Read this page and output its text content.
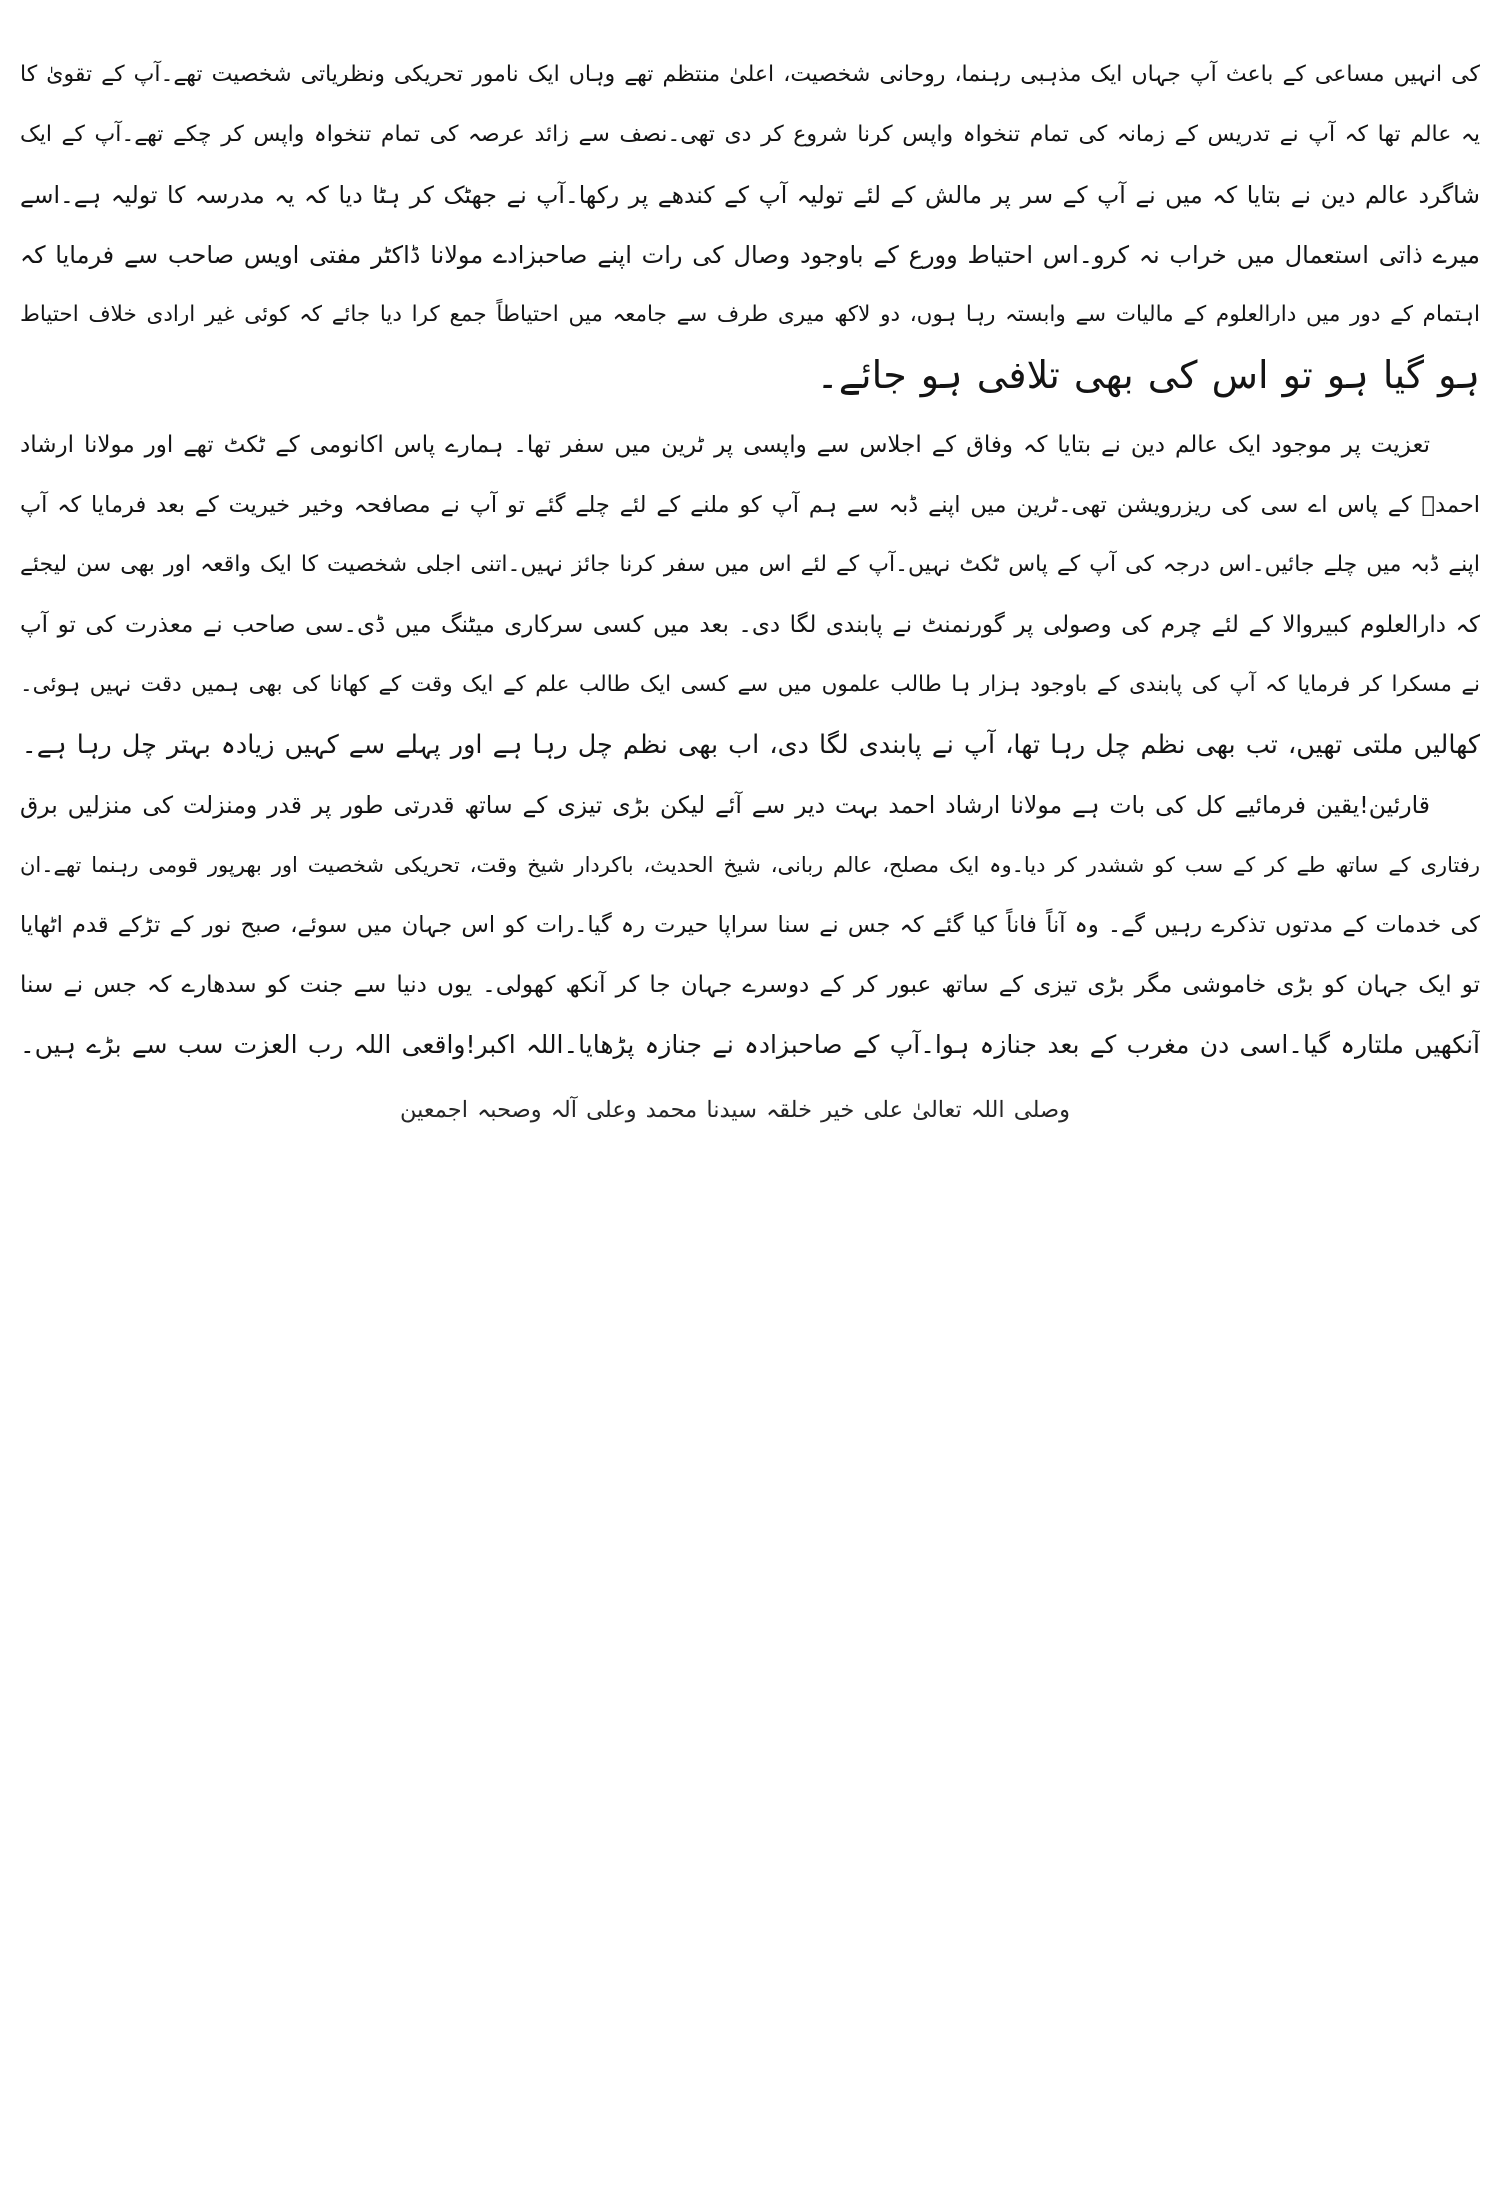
کی انہیں مساعی کے باعث آپ جہاں ایک مذہبی رہنما، روحانی شخصیت، اعلیٰ منتظم تھے وہاں ایک نامور تحریکی ونظریاتی شخصیت تھے۔آپ کے تقویٰ کا
یہ عالم تھا کہ آپ نے تدریس کے زمانہ کی تمام تنخواہ واپس کرنا شروع کر دی تھی۔نصف سے زائد عرصہ کی تمام تنخواہ واپس کر چکے تھے۔آپ کے ایک
شاگرد عالم دین نے بتایا کہ میں نے آپ کے سر پر مالش کے لئے تولیہ آپ کے کندھے پر رکھا۔آپ نے جھٹک کر ہٹا دیا کہ یہ مدرسہ کا تولیہ ہے۔اسے
میرے ذاتی استعمال میں خراب نہ کرو۔اس احتیاط وورع کے باوجود وصال کی رات اپنے صاحبزادے مولانا ڈاکٹر مفتی اویس صاحب سے فرمایا کہ
اہتمام کے دور میں دارالعلوم کے مالیات سے وابستہ رہا ہوں، دو لاکھ میری طرف سے جامعہ میں احتیاطاً جمع کرا دیا جائے کہ کوئی غیر ارادی خلاف احتیاط
ہو گیا ہو تو اس کی بھی تلافی ہو جائے۔
تعزیت پر موجود ایک عالم دین نے بتایا کہ وفاق کے اجلاس سے واپسی پر ٹرین میں سفر تھا۔ ہمارے پاس اکانومی کے ٹکٹ تھے اور مولانا ارشاد
احمدؒ کے پاس اے سی کی ریزرویشن تھی۔ٹرین میں اپنے ڈبہ سے ہم آپ کو ملنے کے لئے چلے گئے تو آپ نے مصافحہ وخیر خیریت کے بعد فرمایا کہ آپ
اپنے ڈبہ میں چلے جائیں۔اس درجہ کی آپ کے پاس ٹکٹ نہیں۔آپ کے لئے اس میں سفر کرنا جائز نہیں۔اتنی اجلی شخصیت کا ایک واقعہ اور بھی سن لیجئے
کہ دارالعلوم کبیروالا کے لئے چرم کی وصولی پر گورنمنٹ نے پابندی لگا دی۔ بعد میں کسی سرکاری میٹنگ میں ڈی۔سی صاحب نے معذرت کی تو آپ
نے مسکرا کر فرمایا کہ آپ کی پابندی کے باوجود ہزار ہا طالب علموں میں سے کسی ایک طالب علم کے ایک وقت کے کھانا کی بھی ہمیں دقت نہیں ہوئی۔
کھالیں ملتی تھیں، تب بھی نظم چل رہا تھا، آپ نے پابندی لگا دی، اب بھی نظم چل رہا ہے اور پہلے سے کہیں زیادہ بہتر چل رہا ہے۔
قارئین!یقین فرمائیے کل کی بات ہے مولانا ارشاد احمد بہت دیر سے آئے لیکن بڑی تیزی کے ساتھ قدرتی طور پر قدر ومنزلت کی منزلیں برق
رفتاری کے ساتھ طے کر کے سب کو ششدر کر دیا۔وہ ایک مصلح، عالم ربانی، شیخ الحدیث، باکردار شیخ وقت، تحریکی شخصیت اور بھرپور قومی رہنما تھے۔ان
کی خدمات کے مدتوں تذکرے رہیں گے۔ وہ آناً فاناً کیا گئے کہ جس نے سنا سراپا حیرت رہ گیا۔رات کو اس جہان میں سوئے، صبح نور کے تڑکے قدم اٹھایا
تو ایک جہان کو بڑی خاموشی مگر بڑی تیزی کے ساتھ عبور کر کے دوسرے جہان جا کر آنکھ کھولی۔ یوں دنیا سے جنت کو سدھارے کہ جس نے سنا
آنکھیں ملتارہ گیا۔اسی دن مغرب کے بعد جنازہ ہوا۔آپ کے صاحبزادہ نے جنازہ پڑھایا۔اللہ اکبر!واقعی اللہ رب العزت سب سے بڑے ہیں۔
وصلی اللہ تعالیٰ علی خیر خلقہ سیدنا محمد وعلی آلہ وصحبہ اجمعین
